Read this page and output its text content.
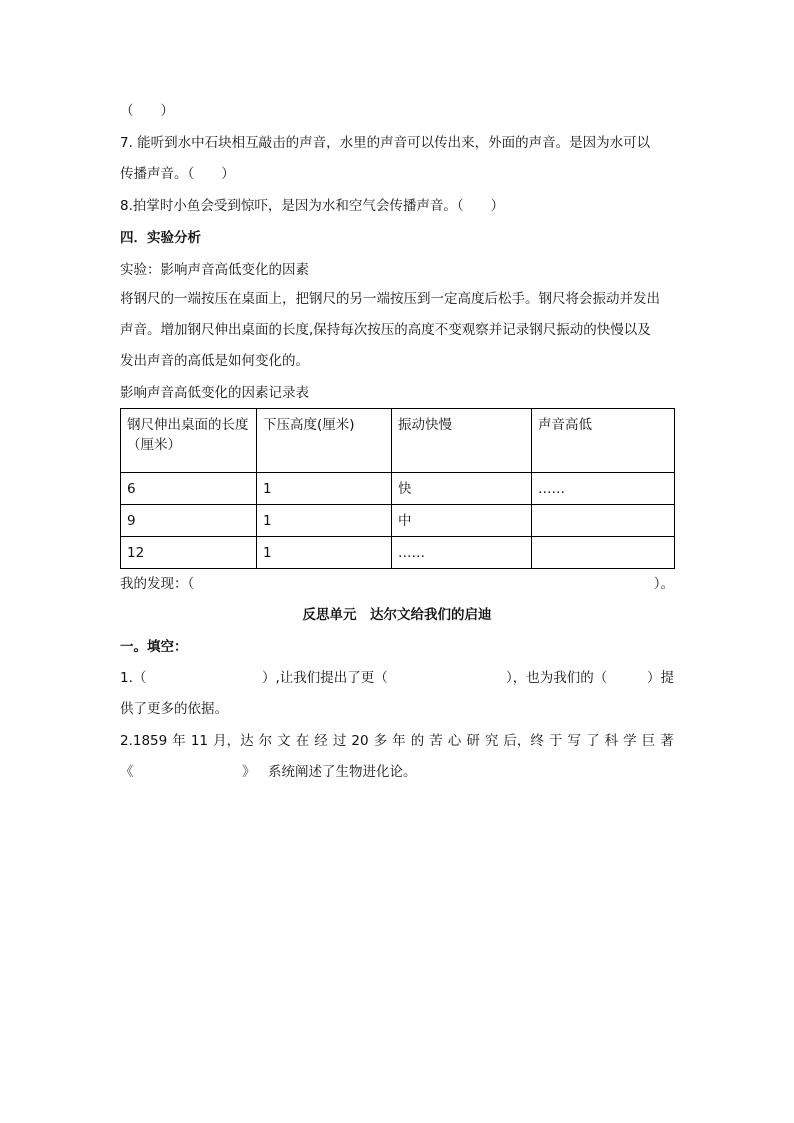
（　　）
7. 能听到水中石块相互敲击的声音，水里的声音可以传出来，外面的声音。是因为水可以
传播声音。（　　）
8.拍掌时小鱼会受到惊吓，是因为水和空气会传播声音。（　　）
四．实验分析
实验：影响声音高低变化的因素
将钢尺的一端按压在桌面上，把钢尺的另一端按压到一定高度后松手。钢尺将会振动并发出
声音。增加钢尺伸出桌面的长度,保持每次按压的高度不变观察并记录钢尺振动的快慢以及
发出声音的高低是如何变化的。
影响声音高低变化的因素记录表
钢尺伸出桌面的长度（厘米）	下压高度(厘米)	振动快慢	声音高低
6	1	快	……
9	1	中	
12	1	……	
我的发现：（	）。
反思单元　达尔文给我们的启迪
一。填空：
1.（	）,让我们提出了更（	），也为我们的（	）提
供了更多的依据。
2.1859 年 11 月，达 尔 文 在 经 过 20 多 年 的 苦 心 研 究 后，终 于 写 了 科 学 巨 著
《	》 系统阐述了生物进化论。
